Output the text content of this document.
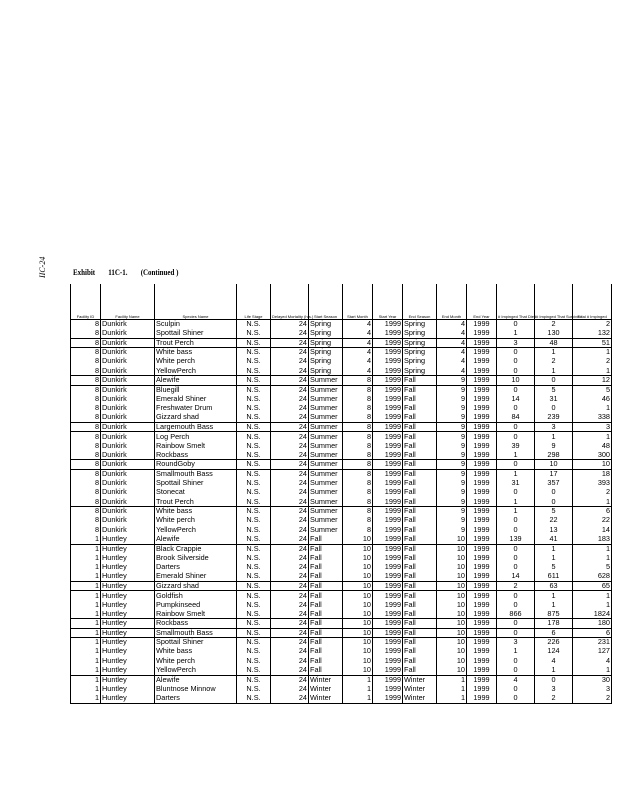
IIC-24	Exhibit 11C-1. (Continued )
Facility ID	Facility Name	Species Name	Life Stage	Delayed Mortality (hrs.)	Start Season	Start Month	Start Year	End Season	End Month	End Year	# Impinged That Died	# Impinged That Survived	Total # Impinged
8	Dunkirk	Sculpin	N.S.	24	Spring	4	1999	Spring	4	1999	0	2	2
8	Dunkirk	Spottail Shiner	N.S.	24	Spring	4	1999	Spring	4	1999	1	130	132
8	Dunkirk	Trout Perch	N.S.	24	Spring	4	1999	Spring	4	1999	3	48	51
8	Dunkirk	White bass	N.S.	24	Spring	4	1999	Spring	4	1999	0	1	1
8	Dunkirk	White perch	N.S.	24	Spring	4	1999	Spring	4	1999	0	2	2
8	Dunkirk	YellowPerch	N.S.	24	Spring	4	1999	Spring	4	1999	0	1	1
8	Dunkirk	Alewife	N.S.	24	Summer	8	1999	Fall	9	1999	10	0	12
8	Dunkirk	Bluegill	N.S.	24	Summer	8	1999	Fall	9	1999	0	5	5
8	Dunkirk	Emerald Shiner	N.S.	24	Summer	8	1999	Fall	9	1999	14	31	46
8	Dunkirk	Freshwater Drum	N.S.	24	Summer	8	1999	Fall	9	1999	0	0	1
8	Dunkirk	Gizzard shad	N.S.	24	Summer	8	1999	Fall	9	1999	84	239	338
8	Dunkirk	Largemouth Bass	N.S.	24	Summer	8	1999	Fall	9	1999	0	3	3
8	Dunkirk	Log Perch	N.S.	24	Summer	8	1999	Fall	9	1999	0	1	1
8	Dunkirk	Rainbow Smelt	N.S.	24	Summer	8	1999	Fall	9	1999	39	9	48
8	Dunkirk	Rockbass	N.S.	24	Summer	8	1999	Fall	9	1999	1	298	300
8	Dunkirk	RoundGoby	N.S.	24	Summer	8	1999	Fall	9	1999	0	10	10
8	Dunkirk	Smallmouth Bass	N.S.	24	Summer	8	1999	Fall	9	1999	1	17	18
8	Dunkirk	Spottail Shiner	N.S.	24	Summer	8	1999	Fall	9	1999	31	357	393
8	Dunkirk	Stonecat	N.S.	24	Summer	8	1999	Fall	9	1999	0	0	2
8	Dunkirk	Trout Perch	N.S.	24	Summer	8	1999	Fall	9	1999	1	0	1
8	Dunkirk	White bass	N.S.	24	Summer	8	1999	Fall	9	1999	1	5	6
8	Dunkirk	White perch	N.S.	24	Summer	8	1999	Fall	9	1999	0	22	22
8	Dunkirk	YellowPerch	N.S.	24	Summer	8	1999	Fall	9	1999	0	13	14
1	Huntley	Alewife	N.S.	24	Fall	10	1999	Fall	10	1999	139	41	183
1	Huntley	Black Crappie	N.S.	24	Fall	10	1999	Fall	10	1999	0	1	1
1	Huntley	Brook Silverside	N.S.	24	Fall	10	1999	Fall	10	1999	0	1	1
1	Huntley	Darters	N.S.	24	Fall	10	1999	Fall	10	1999	0	5	5
1	Huntley	Emerald Shiner	N.S.	24	Fall	10	1999	Fall	10	1999	14	611	628
1	Huntley	Gizzard shad	N.S.	24	Fall	10	1999	Fall	10	1999	2	63	65
1	Huntley	Goldfish	N.S.	24	Fall	10	1999	Fall	10	1999	0	1	1
1	Huntley	Pumpkinseed	N.S.	24	Fall	10	1999	Fall	10	1999	0	1	1
1	Huntley	Rainbow Smelt	N.S.	24	Fall	10	1999	Fall	10	1999	866	875	1824
1	Huntley	Rockbass	N.S.	24	Fall	10	1999	Fall	10	1999	0	178	180
1	Huntley	Smallmouth Bass	N.S.	24	Fall	10	1999	Fall	10	1999	0	6	6
1	Huntley	Spottail Shiner	N.S.	24	Fall	10	1999	Fall	10	1999	3	226	231
1	Huntley	White bass	N.S.	24	Fall	10	1999	Fall	10	1999	1	124	127
1	Huntley	White perch	N.S.	24	Fall	10	1999	Fall	10	1999	0	4	4
1	Huntley	YellowPerch	N.S.	24	Fall	10	1999	Fall	10	1999	0	1	1
1	Huntley	Alewife	N.S.	24	Winter	1	1999	Winter	1	1999	4	0	30
1	Huntley	Bluntnose Minnow	N.S.	24	Winter	1	1999	Winter	1	1999	0	3	3
1	Huntley	Darters	N.S.	24	Winter	1	1999	Winter	1	1999	0	2	2
